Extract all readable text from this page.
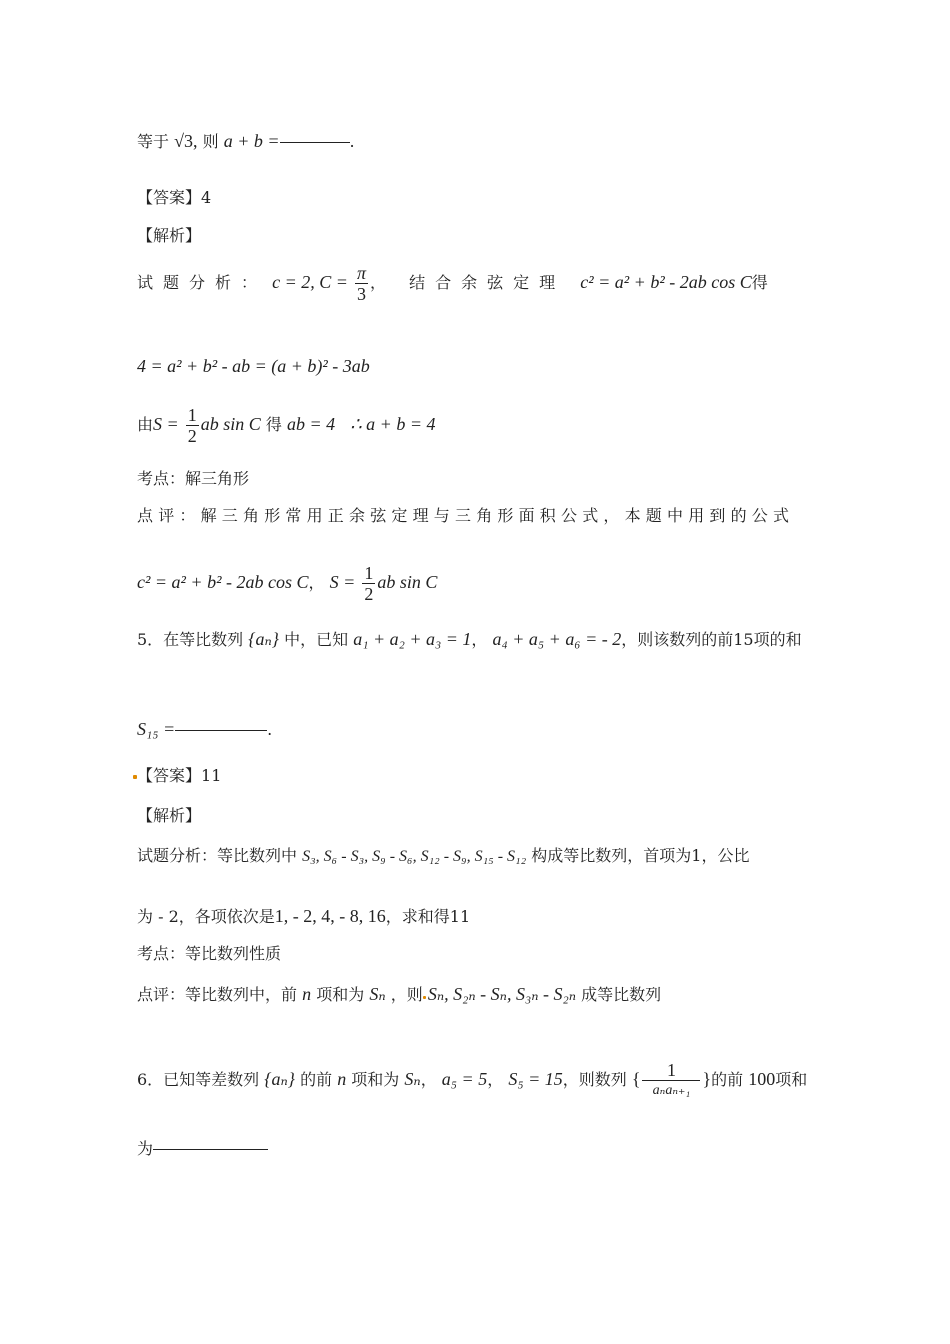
等于 √3, 则 a + b =	.
【答案】4
【解析】
试题分析： c = 2, $C = \frac{\pi}{3}$ ， 结合余弦定理 c² = a² + b² - 2ab cos C得
4 = a² + b² - ab = (a + b)² - 3ab
由$S = \frac{1}{2}$ ab sin C 得 ab = 4 ∴ a + b = 4
考点：解三角形
点评：解三角形常用正余弦定理与三角形面积公式，本题中用到的公式
c² = a² + b² - 2ab cos C， $S = \frac{1}{2}$ ab sin C
5．在等比数列 {aₙ} 中，已知 a₁ + a₂ + a₃ = 1， a₄ + a₅ + a₆ = - 2，则该数列的前15项的和
S₁₅ =	.
【答案】11
【解析】
试题分析：等比数列中 S₃, S₆ - S₃, S₉ - S₆, S₁₂ - S₉, S₁₅ - S₁₂ 构成等比数列，首项为1，公比
为 - 2，各项依次是1, - 2, 4, - 8, 16，求和得11
考点：等比数列性质
点评：等比数列中，前 n 项和为 Sₙ ，则 Sₙ, S₂ₙ - Sₙ, S₃ₙ - S₂ₙ 成等比数列
6．已知等差数列 {aₙ} 的前 n 项和为 Sₙ， a₅ = 5， S₅ = 15，则数列 { $\frac{1}{\text{aₙaₙ₊₁}}$ }的前 100项和
为
